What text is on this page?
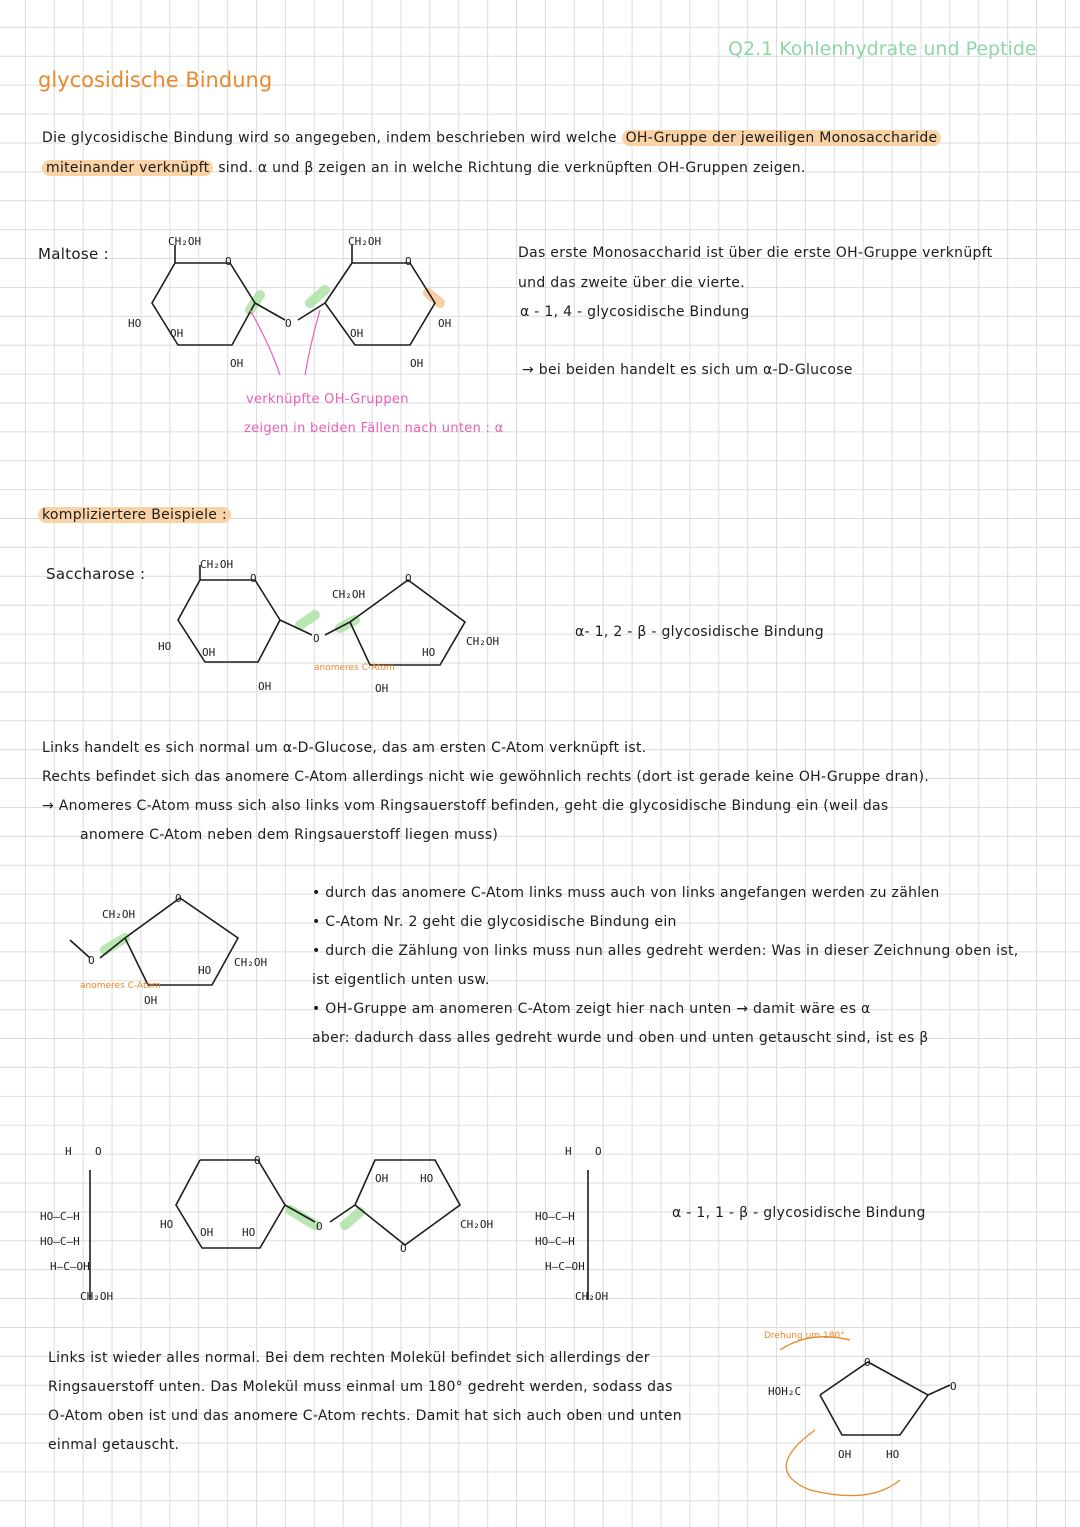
Q2.1 Kohlenhydrate und Peptide
glycosidische Bindung
Die glycosidische Bindung wird so angegeben, indem beschrieben wird welche OH-Gruppe der jeweiligen Monosaccharide
miteinander verknüpft sind. α und β zeigen an in welche Richtung die verknüpften OH-Gruppen zeigen.
Maltose :	Das erste Monosaccharid ist über die erste OH-Gruppe verknüpft
und das zweite über die vierte.
α - 1, 4 - glycosidische Bindung
→ bei beiden handelt es sich um α-D-Glucose
verknüpfte OH-Gruppen
zeigen in beiden Fällen nach unten : α
CH₂OH	CH₂OH
O	O
O
HO
OH
OH
OH
OH
OH
kompliziertere Beispiele :
Saccharose :
α- 1, 2 - β - glycosidische Bindung
CH₂OH
CH₂OH
CH₂OH
O	O
O
HO	OH
OH	OH
HO
anomeres C-Atom
Links handelt es sich normal um α-D-Glucose, das am ersten C-Atom verknüpft ist.
Rechts befindet sich das anomere C-Atom allerdings nicht wie gewöhnlich rechts (dort ist gerade keine OH-Gruppe dran).
→ Anomeres C-Atom muss sich also links vom Ringsauerstoff befinden, geht die glycosidische Bindung ein (weil das
anomere C-Atom neben dem Ringsauerstoff liegen muss)
O
CH₂OH
O
CH₂OH
HO
OH
anomeres C-Atom
• durch das anomere C-Atom links muss auch von links angefangen werden zu zählen
• C-Atom Nr. 2 geht die glycosidische Bindung ein
• durch die Zählung von links muss nun alles gedreht werden: Was in dieser Zeichnung oben ist,
ist eigentlich unten usw.
• OH-Gruppe am anomeren C-Atom zeigt hier nach unten → damit wäre es α
aber: dadurch dass alles gedreht wurde und oben und unten getauscht sind, ist es β
H O
HO—C—H
HO—C—H
H—C—OH
CH₂OH
O
O
O
HO
OH	HO
OH	HO
CH₂OH
H O
HO—C—H
HO—C—H
H—C—OH
CH₂OH
α - 1, 1 - β - glycosidische Bindung
Links ist wieder alles normal. Bei dem rechten Molekül befindet sich allerdings der
Ringsauerstoff unten. Das Molekül muss einmal um 180° gedreht werden, sodass das
O-Atom oben ist und das anomere C-Atom rechts. Damit hat sich auch oben und unten
einmal getauscht.
O
O
HOH₂C
OH	HO
Drehung um 180°
